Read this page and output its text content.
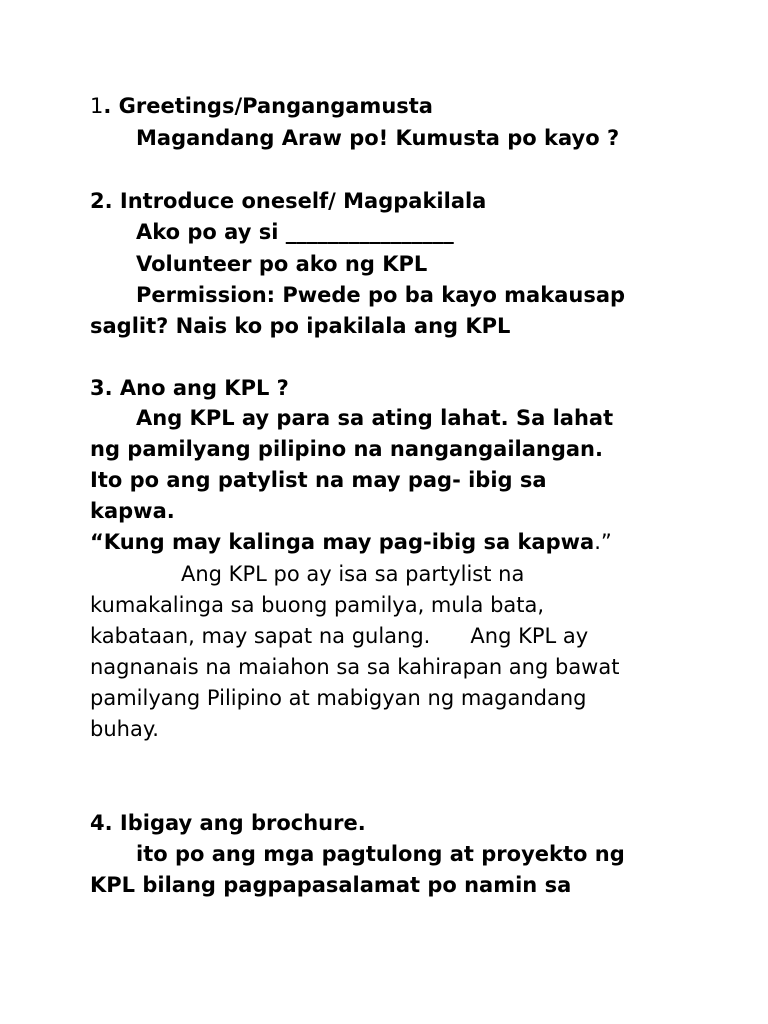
1. Greetings/Pangangamusta
Magandang Araw po! Kumusta po kayo ?
2. Introduce oneself/ Magpakilala
Ako po ay si ________________
Volunteer po ako ng KPL
Permission: Pwede po ba kayo makausap
saglit? Nais ko po ipakilala ang KPL
3. Ano ang KPL ?
Ang KPL ay para sa ating lahat. Sa lahat
ng pamilyang pilipino na nangangailangan.
Ito po ang patylist na may pag- ibig sa
kapwa.
“Kung may kalinga may pag-ibig sa kapwa.”
Ang KPL po ay isa sa partylist na
kumakalinga sa buong pamilya, mula bata,
kabataan, may sapat na gulang.      Ang KPL ay
nagnanais na maiahon sa sa kahirapan ang bawat
pamilyang Pilipino at mabigyan ng magandang
buhay.
4. Ibigay ang brochure.
ito po ang mga pagtulong at proyekto ng
KPL bilang pagpapasalamat po namin sa
